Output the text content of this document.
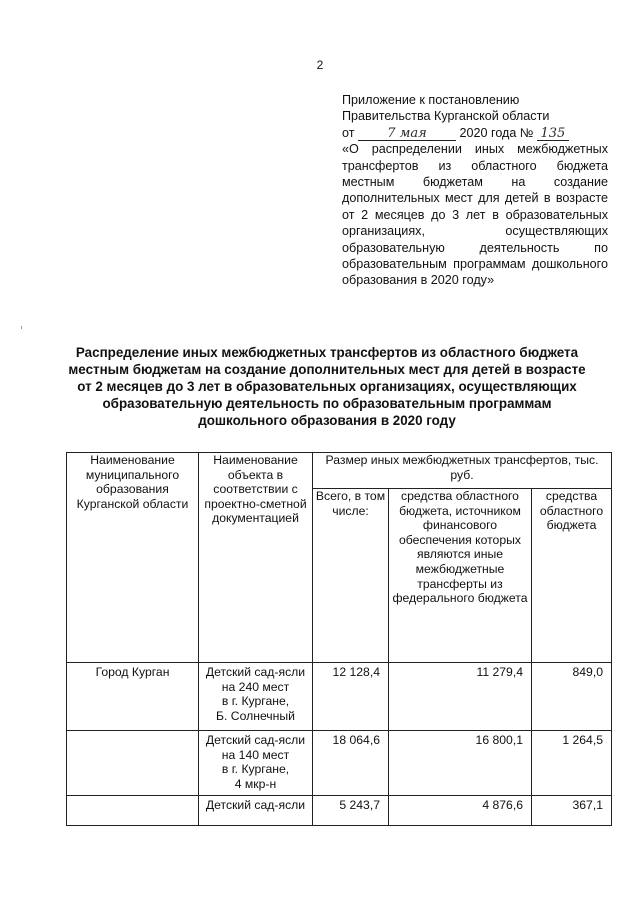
2
Приложение к постановлению
Правительства Курганской области
от	7 мая	2020 года № 135
«О распределении иных межбюджетных трансфертов из областного бюджета местным бюджетам на создание дополнительных мест для детей в возрасте от 2 месяцев до 3 лет в образовательных организациях, осуществляющих образовательную деятельность по образовательным программам дошкольного образования в 2020 году»
Распределение иных межбюджетных трансфертов из областного бюджета местным бюджетам на создание дополнительных мест для детей в возрасте от 2 месяцев до 3 лет в образовательных организациях, осуществляющих образовательную деятельность по образовательным программам дошкольного образования в 2020 году
Наименование муниципального образования Курганской области	Наименование объекта в соответствии с проектно-сметной документацией	Размер иных межбюджетных трансфертов, тыс. руб.		
		Всего, в том числе:	средства областного бюджета, источником финансового обеспечения которых являются иные межбюджетные трансферты из федерального бюджета	средства областного бюджета
Город Курган	Детский сад-ясли
на 240 мест
в г. Кургане,
Б. Солнечный	12 128,4	11 279,4	849,0

	Детский сад-ясли
на 140 мест
в г. Кургане,
4 мкр-н	18 064,6	16 800,1	1 264,5

	Детский сад-ясли	5 243,7	4 876,6	367,1
